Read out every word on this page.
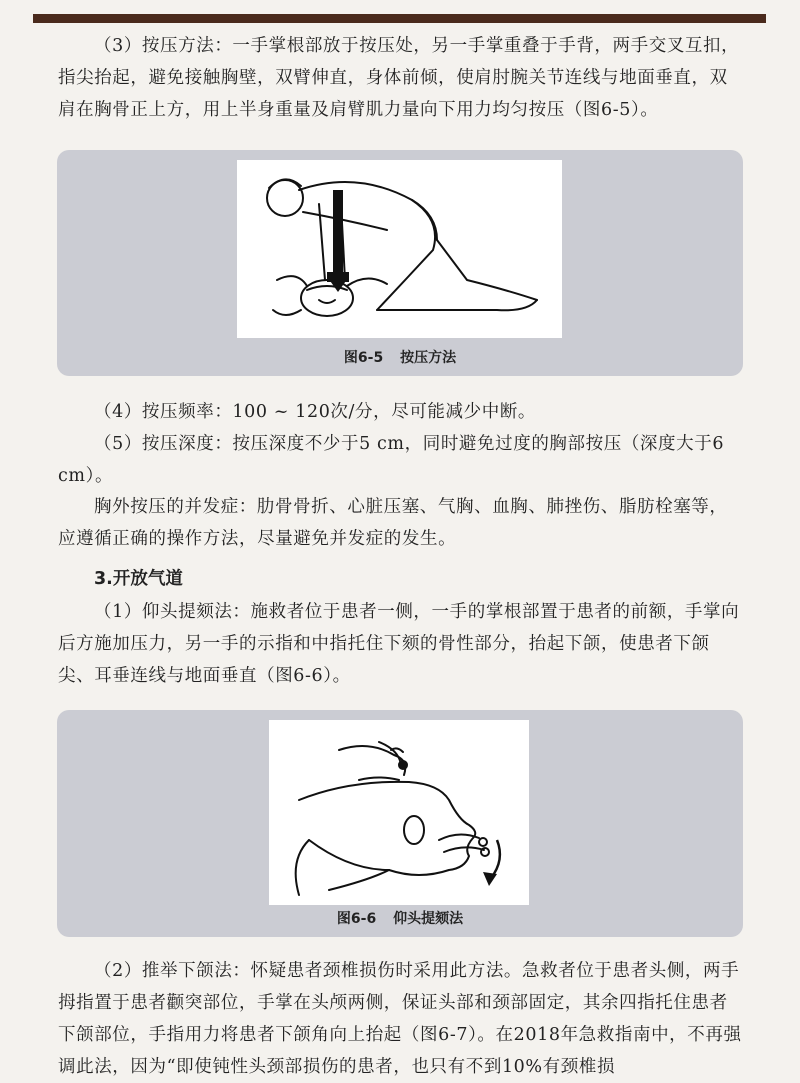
（3）按压方法：一手掌根部放于按压处，另一手掌重叠于手背，两手交叉互扣，指尖抬起，避免接触胸壁，双臂伸直，身体前倾，使肩肘腕关节连线与地面垂直，双肩在胸骨正上方，用上半身重量及肩臂肌力量向下用力均匀按压（图6-5）。

图6-5 按压方法

（4）按压频率：100 ~ 120次/分，尽可能减少中断。

（5）按压深度：按压深度不少于5 cm，同时避免过度的胸部按压（深度大于6 cm）。

胸外按压的并发症：肋骨骨折、心脏压塞、气胸、血胸、肺挫伤、脂肪栓塞等，应遵循正确的操作方法，尽量避免并发症的发生。

3.开放气道

（1）仰头提颏法：施救者位于患者一侧，一手的掌根部置于患者的前额，手掌向后方施加压力，另一手的示指和中指托住下颏的骨性部分，抬起下颌，使患者下颌尖、耳垂连线与地面垂直（图6-6）。

图6-6 仰头提颏法

（2）推举下颌法：怀疑患者颈椎损伤时采用此方法。急救者位于患者头侧，两手拇指置于患者颧突部位，手掌在头颅两侧，保证头部和颈部固定，其余四指托住患者下颌部位，手指用力将患者下颌角向上抬起（图6-7）。在2018年急救指南中，不再强调此法，因为“即使钝性头颈部损伤的患者，也只有不到10%有颈椎损
